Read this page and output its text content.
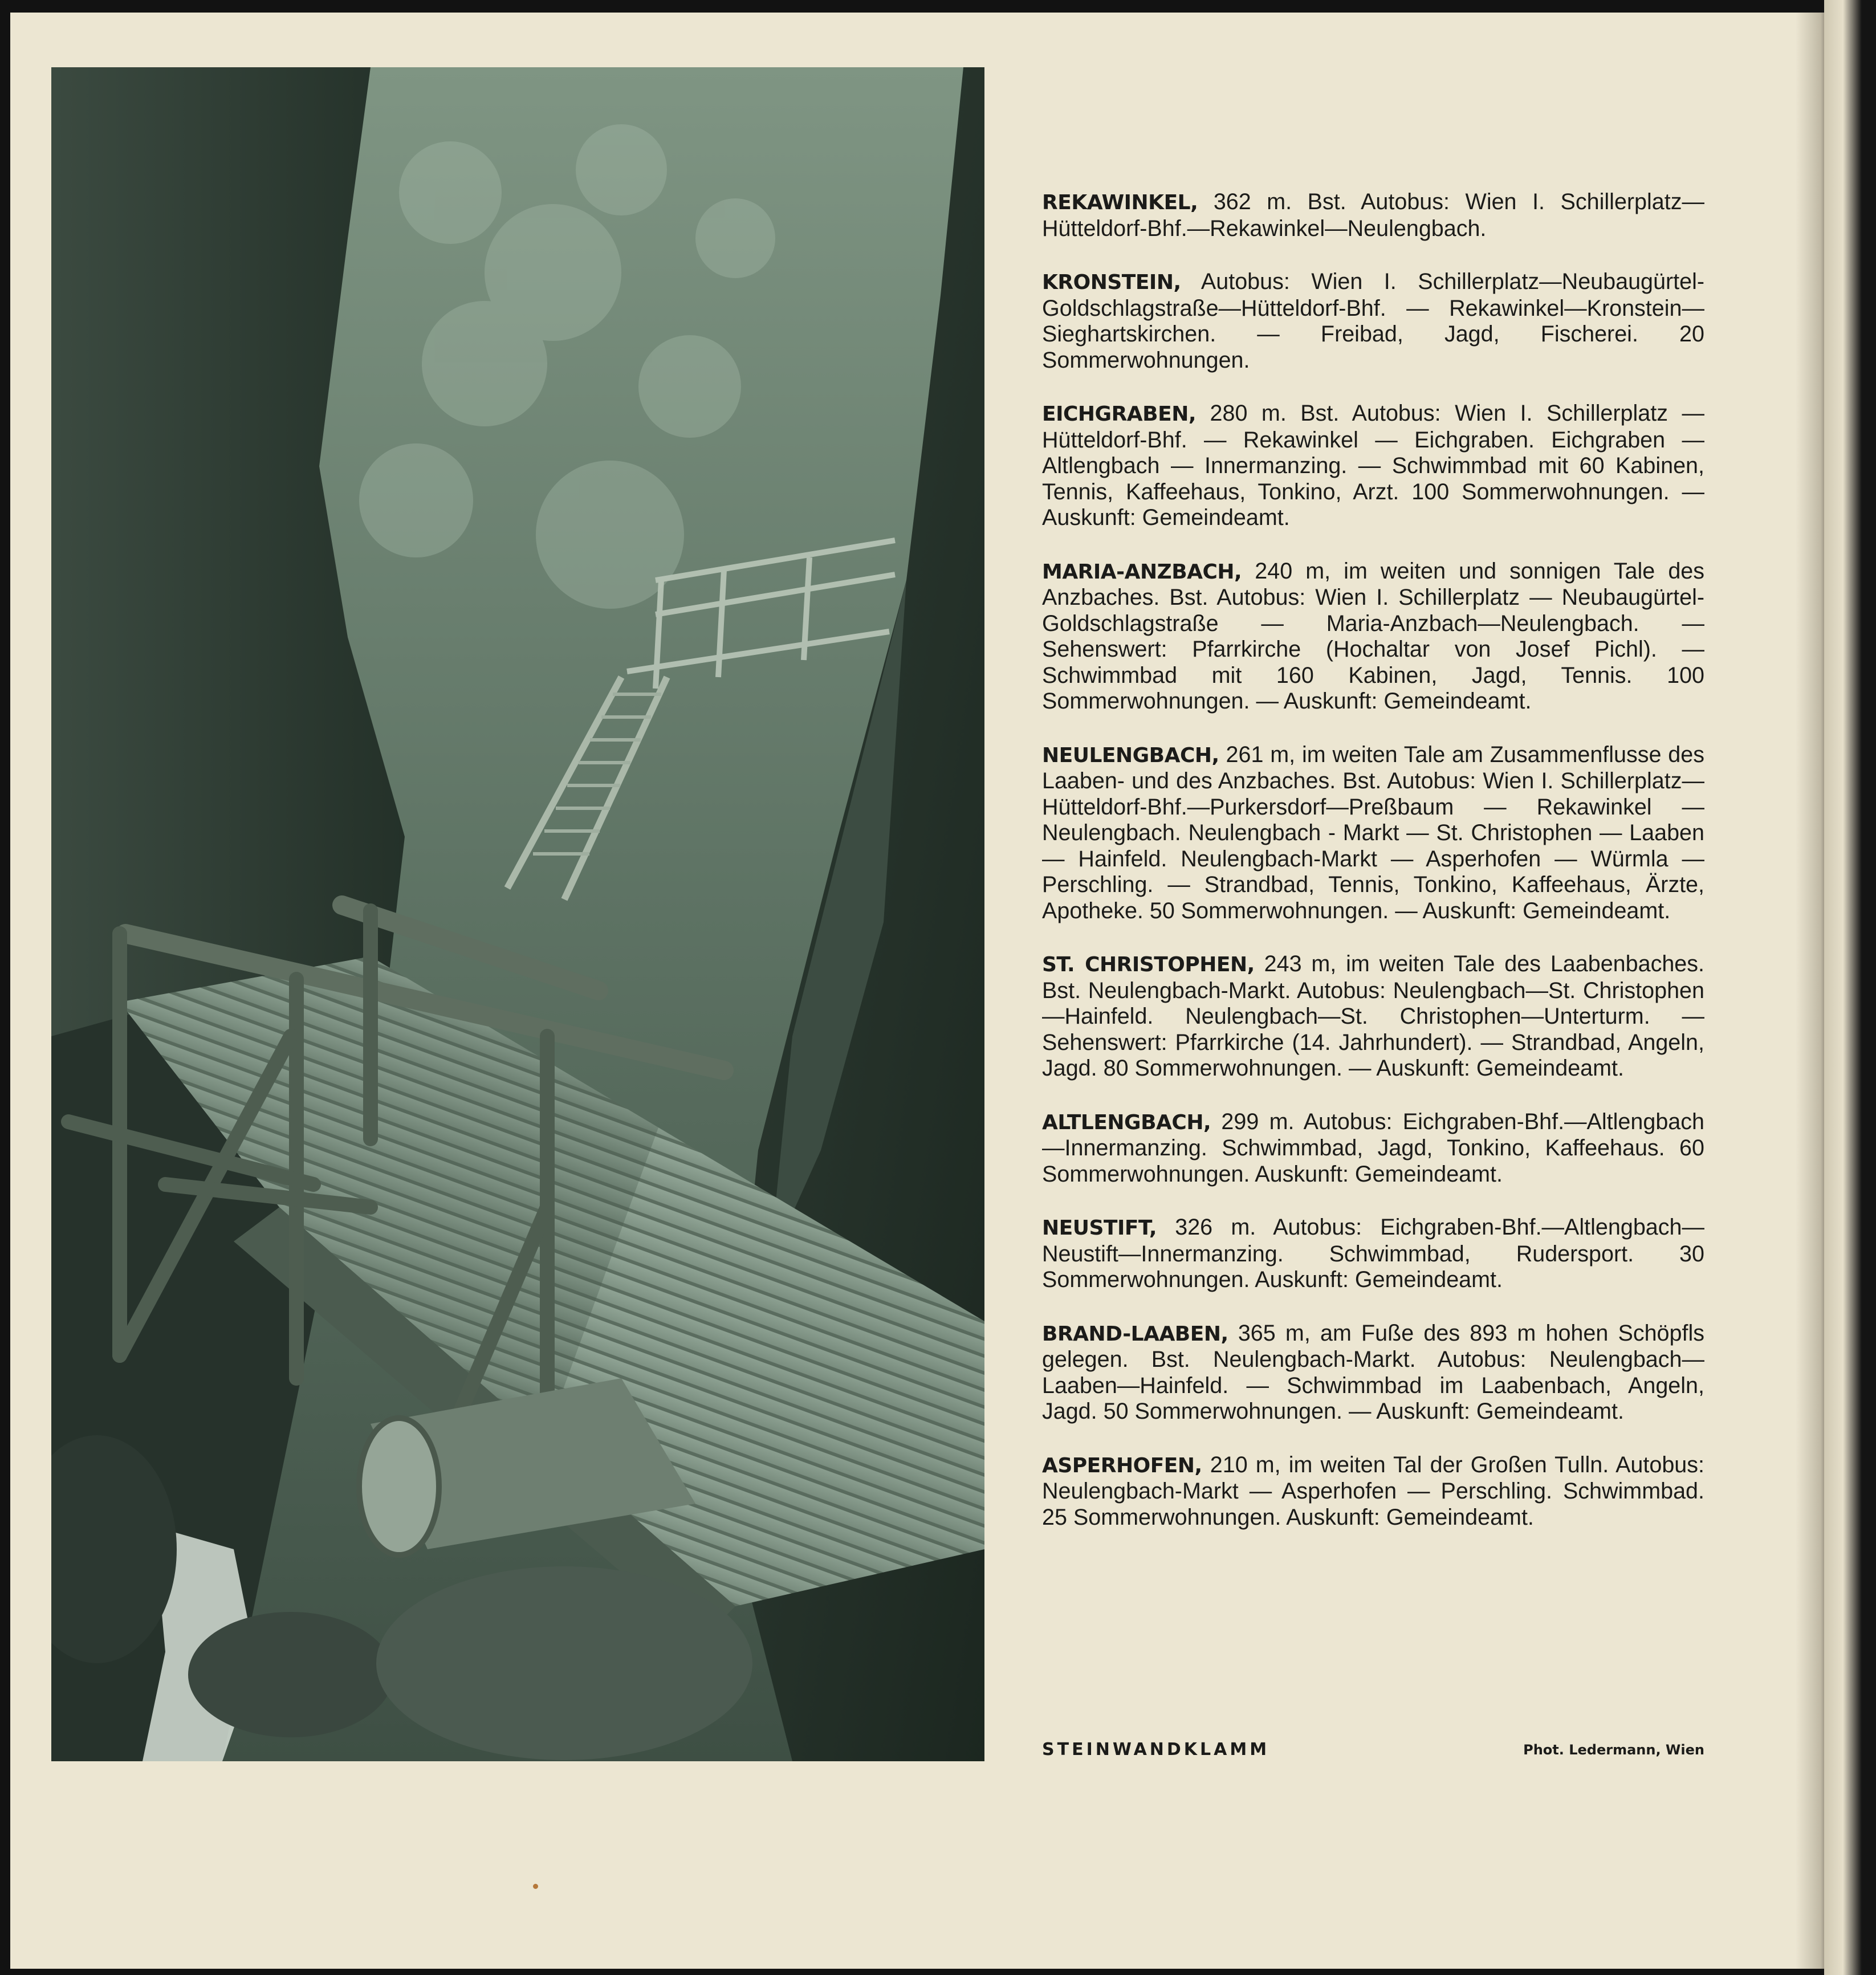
REKAWINKEL, 362 m. Bst. Autobus: Wien I. Schillerplatz—Hütteldorf-Bhf.—Rekawinkel—Neulengbach.

KRONSTEIN, Autobus: Wien I. Schillerplatz—Neubaugürtel-Goldschlagstraße—Hütteldorf-Bhf. — Rekawinkel—Kronstein—Sieghartskirchen. — Freibad, Jagd, Fischerei. 20 Sommerwohnungen.

EICHGRABEN, 280 m. Bst. Autobus: Wien I. Schillerplatz — Hütteldorf-Bhf. — Rekawinkel — Eichgraben. Eichgraben — Altlengbach — Innermanzing. — Schwimmbad mit 60 Kabinen, Tennis, Kaffeehaus, Tonkino, Arzt. 100 Sommerwohnungen. — Auskunft: Gemeindeamt.

MARIA-ANZBACH, 240 m, im weiten und sonnigen Tale des Anzbaches. Bst. Autobus: Wien I. Schillerplatz — Neubaugürtel-Goldschlagstraße — Maria-Anzbach—Neulengbach. — Sehenswert: Pfarrkirche (Hochaltar von Josef Pichl). — Schwimmbad mit 160 Kabinen, Jagd, Tennis. 100 Sommerwohnungen. — Auskunft: Gemeindeamt.

NEULENGBACH, 261 m, im weiten Tale am Zusammenflusse des Laaben- und des Anzbaches. Bst. Autobus: Wien I. Schillerplatz—Hütteldorf-Bhf.—Purkersdorf—Preßbaum — Rekawinkel — Neulengbach. Neulengbach - Markt — St. Christophen — Laaben — Hainfeld. Neulengbach-Markt — Asperhofen — Würmla — Perschling. — Strandbad, Tennis, Tonkino, Kaffeehaus, Ärzte, Apotheke. 50 Sommerwohnungen. — Auskunft: Gemeindeamt.

ST. CHRISTOPHEN, 243 m, im weiten Tale des Laabenbaches. Bst. Neulengbach-Markt. Autobus: Neulengbach—St. Christophen—Hainfeld. Neulengbach—St. Christophen—Unterturm. — Sehenswert: Pfarrkirche (14. Jahrhundert). — Strandbad, Angeln, Jagd. 80 Sommerwohnungen. — Auskunft: Gemeindeamt.

ALTLENGBACH, 299 m. Autobus: Eichgraben-Bhf.—Altlengbach—Innermanzing. Schwimmbad, Jagd, Tonkino, Kaffeehaus. 60 Sommerwohnungen. Auskunft: Gemeindeamt.

NEUSTIFT, 326 m. Autobus: Eichgraben-Bhf.—Altlengbach—Neustift—Innermanzing. Schwimmbad, Rudersport. 30 Sommerwohnungen. Auskunft: Gemeindeamt.

BRAND-LAABEN, 365 m, am Fuße des 893 m hohen Schöpfls gelegen. Bst. Neulengbach-Markt. Autobus: Neulengbach—Laaben—Hainfeld. — Schwimmbad im Laabenbach, Angeln, Jagd. 50 Sommerwohnungen. — Auskunft: Gemeindeamt.

ASPERHOFEN, 210 m, im weiten Tal der Großen Tulln. Autobus: Neulengbach-Markt — Asperhofen — Perschling. Schwimmbad. 25 Sommerwohnungen. Auskunft: Gemeindeamt.

STEINWANDKLAMM	Phot. Ledermann, Wien
